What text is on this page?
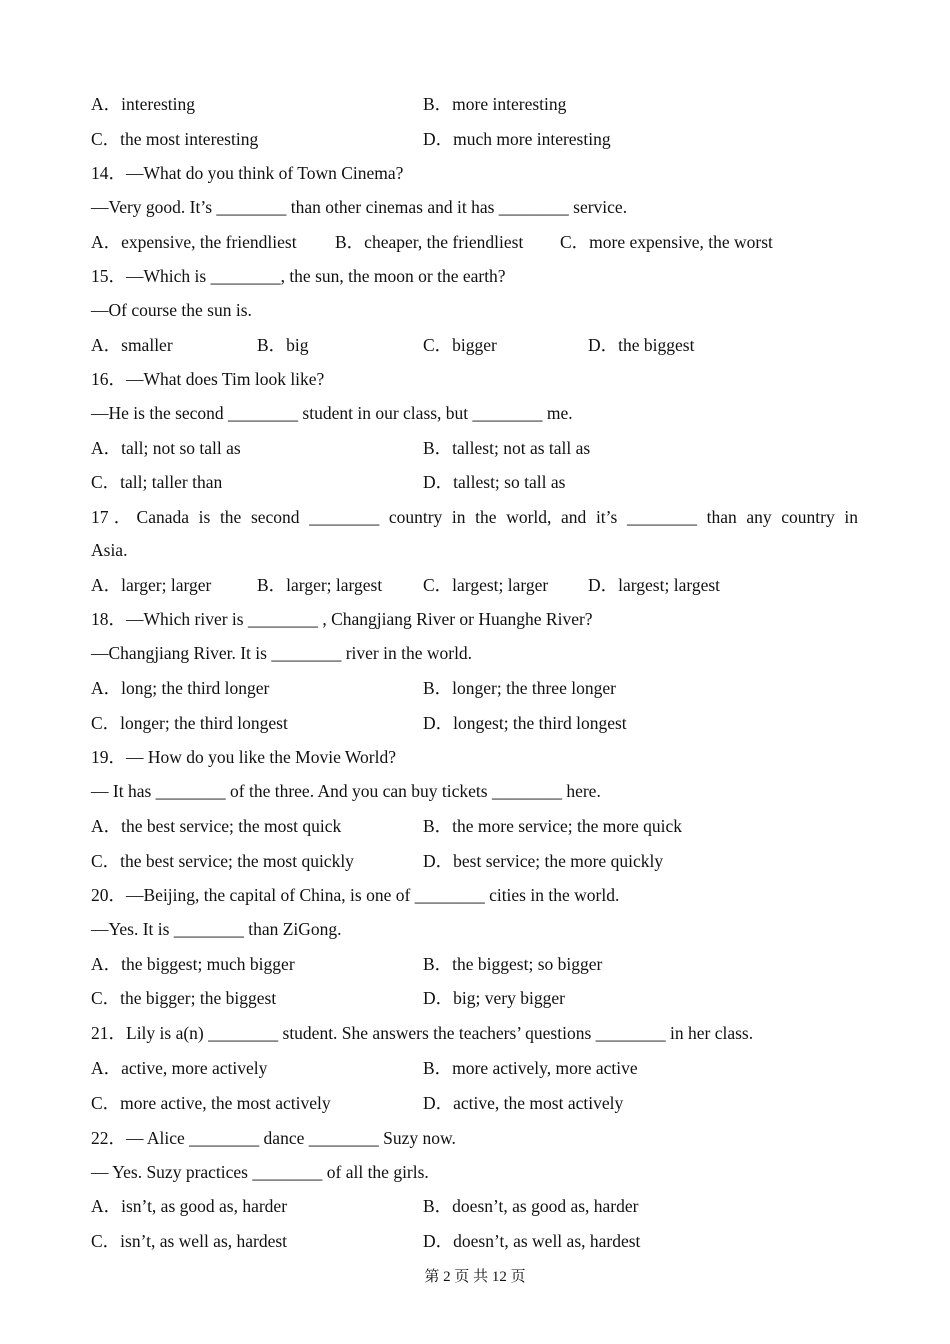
A．interesting	B．more interesting
C．the most interesting	D．much more interesting
14．—What do you think of Town Cinema?
—Very good. It’s ________ than other cinemas and it has ________ service.
A．expensive, the friendliest B．cheaper, the friendliest C．more expensive, the worst
15．—Which is ________, the sun, the moon or the earth?
—Of course the sun is.
A．smaller	B．big	C．bigger	D．the biggest
16．—What does Tim look like?
—He is the second ________ student in our class, but ________ me.
A．tall; not so tall as	B．tallest; not as tall as
C．tall; taller than	D．tallest; so tall as
17．Canada is the second ________ country in the world, and it’s ________ than any country in
Asia.
A．larger; larger	B．larger; largest C．largest; larger D．largest; largest
18．—Which river is ________ , Changjiang River or Huanghe River?
—Changjiang River. It is ________ river in the world.
A．long; the third longer	B．longer; the three longer
C．longer; the third longest	D．longest; the third longest
19．— How do you like the Movie World?
— It has ________ of the three. And you can buy tickets ________ here.
A．the best service; the most quick	B．the more service; the more quick
C．the best service; the most quickly	D．best service; the more quickly
20．—Beijing, the capital of China, is one of ________ cities in the world.
—Yes. It is ________ than ZiGong.
A．the biggest; much bigger	B．the biggest; so bigger
C．the bigger; the biggest	D．big; very bigger
21．Lily is a(n) ________ student. She answers the teachers’ questions ________ in her class.
A．active, more actively	B．more actively, more active
C．more active, the most actively	D．active, the most actively
22．— Alice ________ dance ________ Suzy now.
— Yes. Suzy practices ________ of all the girls.
A．isn’t, as good as, harder	B．doesn’t, as good as, harder
C．isn’t, as well as, hardest	D．doesn’t, as well as, hardest
第 2 页 共 12 页
